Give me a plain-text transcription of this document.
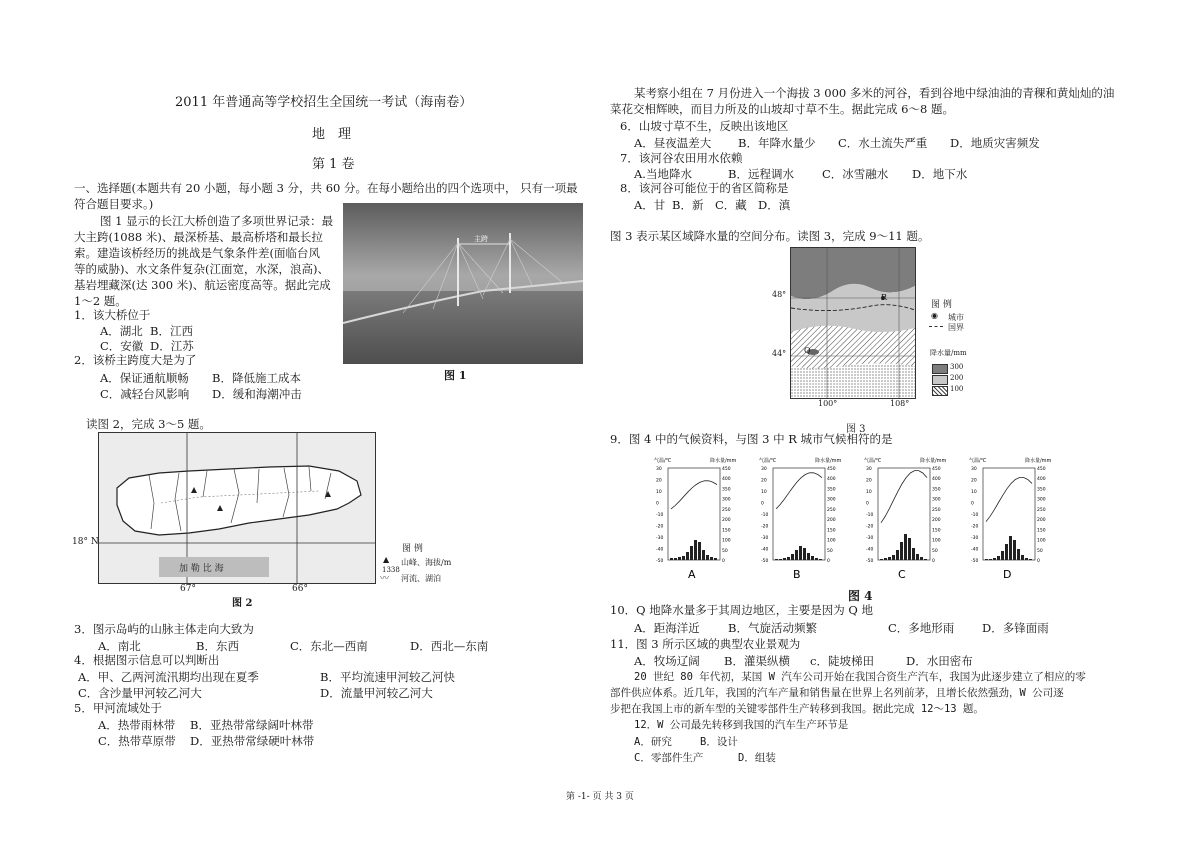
2011 年普通高等学校招生全国统一考试（海南卷）
地　理
第 1 卷
一、选择题(本题共有 20 小题，每小题 3 分，共 60 分。在每小题给出的四个选项中， 只有一项最
符合题目要求。)
图 1 显示的长江大桥创造了多项世界记录：最
大主跨(1088 米)、最深桥基、最高桥塔和最长拉
索。建造该桥经历的挑战是气象条件差(面临台风
等的威胁)、水文条件复杂(江面宽，水深，浪高)、
基岩埋藏深(达 300 米)、航运密度高等。据此完成
1～2 题。
主跨
图 1
1．该大桥位于
A．湖北 B．江西
C．安徽 D．江苏
2．该桥主跨度大是为了
A．保证通航顺畅 B．降低施工成本
C．减轻台风影响 D．缓和海潮冲击
读图 2，完成 3～5 题。
加 勒 比 海
图 例
▲
1338
山峰、海拔/m
〰 河流、湖泊
18° N
67°	66°
图 2
3．图示岛屿的山脉主体走向大致为
A．南北	B．东西	C．东北—西南	D．西北—东南
4．根据图示信息可以判断出
A．甲、乙两河流汛期均出现在夏季	B．平均流速甲河较乙河快
C．含沙量甲河较乙河大	D．流量甲河较乙河大
5．甲河流域处于
A．热带雨林带 B．亚热带常绿阔叶林带
C．热带草原带 D．亚热带常绿硬叶林带
某考察小组在 7 月份进入一个海拔 3 000 多米的河谷，看到谷地中绿油油的青稞和黄灿灿的油
菜花交相辉映，而目力所及的山坡却寸草不生。据此完成 6～8 题。
6．山坡寸草不生，反映出该地区
A．昼夜温差大 B．年降水量少 C．水土流失严重 D．地质灾害频发
7．该河谷农田用水依赖
A.当地降水	B．远程调水 C．冰雪融水 D．地下水
8．该河谷可能位于的省区简称是
A．甘 B．新 C．藏 D．滇
图 3 表示某区域降水量的空间分布。读图 3，完成 9～11 题。
48°
44°
100°	108°
R
Q
图 例
◉ 城市
国界
降水量/mm
300
200
100
图 3
9．图 4 中的气候资料，与图 3 中 R 城市气候相符的是
气温/℃	降水量/mm
30
20
10
0
-10
-20
-30
-40
-50
450
400
350
300
250
200
150
100
50
0
A
气温/℃	降水量/mm
30
20
10
0
-10
-20
-30
-40
-50
450
400
350
300
250
200
150
100
50
0
B
气温/℃	降水量/mm
30
20
10
0
-10
-20
-30
-40
-50
450
400
350
300
250
200
150
100
50
0
C
气温/℃	降水量/mm
30
20
10
0
-10
-20
-30
-40
-50
450
400
350
300
250
200
150
100
50
0
D
图 4
10．Q 地降水量多于其周边地区，主要是因为 Q 地
A．距海洋近 B．气旋活动频繁	C．多地形雨 D．多锋面雨
11．图 3 所示区域的典型农业景观为
A．牧场辽阔 B．灌渠纵横 c．陡坡梯田	D．水田密布
20 世纪 80 年代初，某国 W 汽车公司开始在我国合资生产汽车，我国为此逐步建立了相应的零
部件供应体系。近几年，我国的汽车产量和销售量在世界上名列前茅，且增长依然强劲，W 公司逐
步把在我国上市的新车型的关键零部件生产转移到我国。据此完成 12～13 题。
12．W 公司最先转移到我国的汽车生产环节是
A．研究	B．设计
C．零部件生产	D．组装
第 -1- 页 共 3 页
